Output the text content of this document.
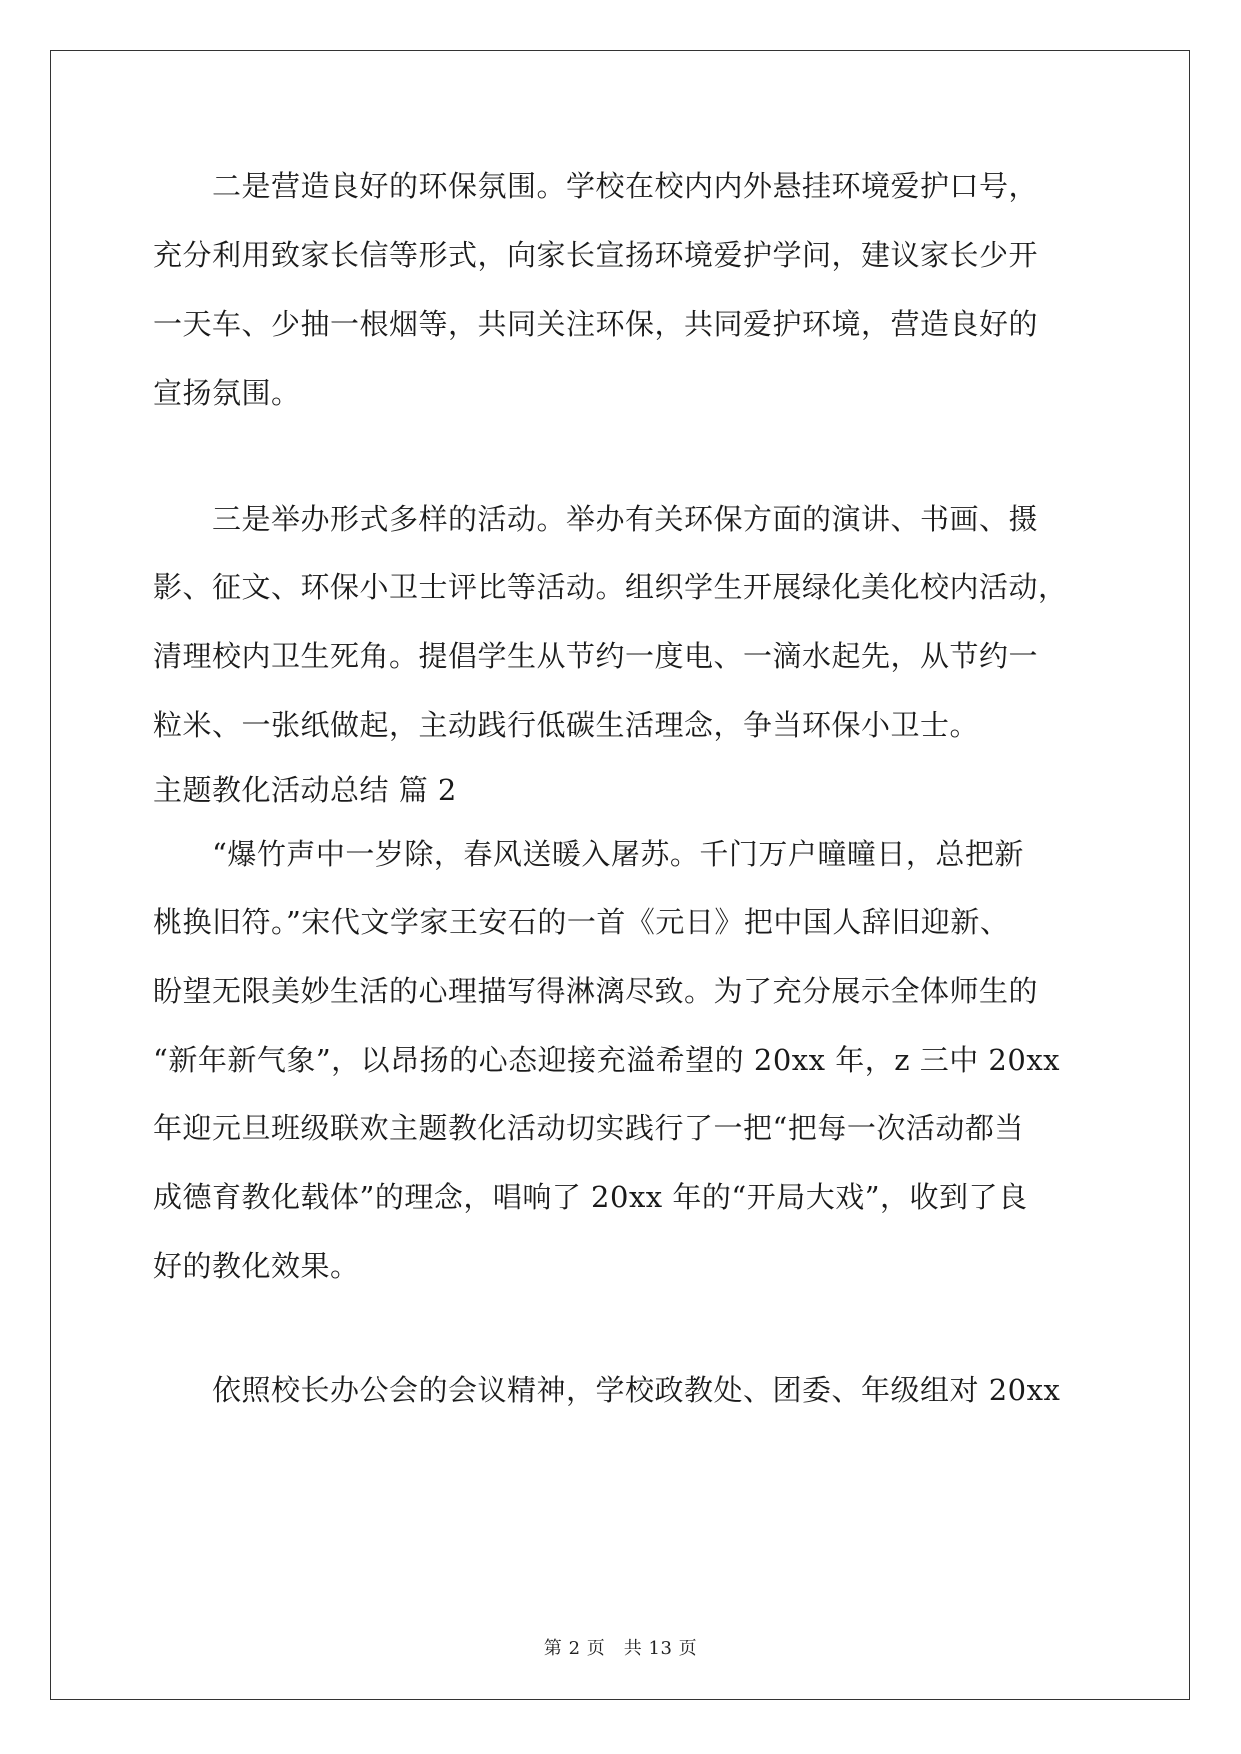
二是营造良好的环保氛围。学校在校内内外悬挂环境爱护口号，
充分利用致家长信等形式，向家长宣扬环境爱护学问，建议家长少开
一天车、少抽一根烟等，共同关注环保，共同爱护环境，营造良好的
宣扬氛围。
三是举办形式多样的活动。举办有关环保方面的演讲、书画、摄
影、征文、环保小卫士评比等活动。组织学生开展绿化美化校内活动，
清理校内卫生死角。提倡学生从节约一度电、一滴水起先，从节约一
粒米、一张纸做起，主动践行低碳生活理念，争当环保小卫士。
主题教化活动总结 篇 2
“爆竹声中一岁除，春风送暖入屠苏。千门万户曈曈日，总把新
桃换旧符。”宋代文学家王安石的一首《元日》把中国人辞旧迎新、
盼望无限美妙生活的心理描写得淋漓尽致。为了充分展示全体师生的
“新年新气象”，以昂扬的心态迎接充溢希望的 20xx 年，z 三中 20xx
年迎元旦班级联欢主题教化活动切实践行了一把“把每一次活动都当
成德育教化载体”的理念，唱响了 20xx 年的“开局大戏”，收到了良
好的教化效果。
依照校长办公会的会议精神，学校政教处、团委、年级组对 20xx
第 2 页　共 13 页
